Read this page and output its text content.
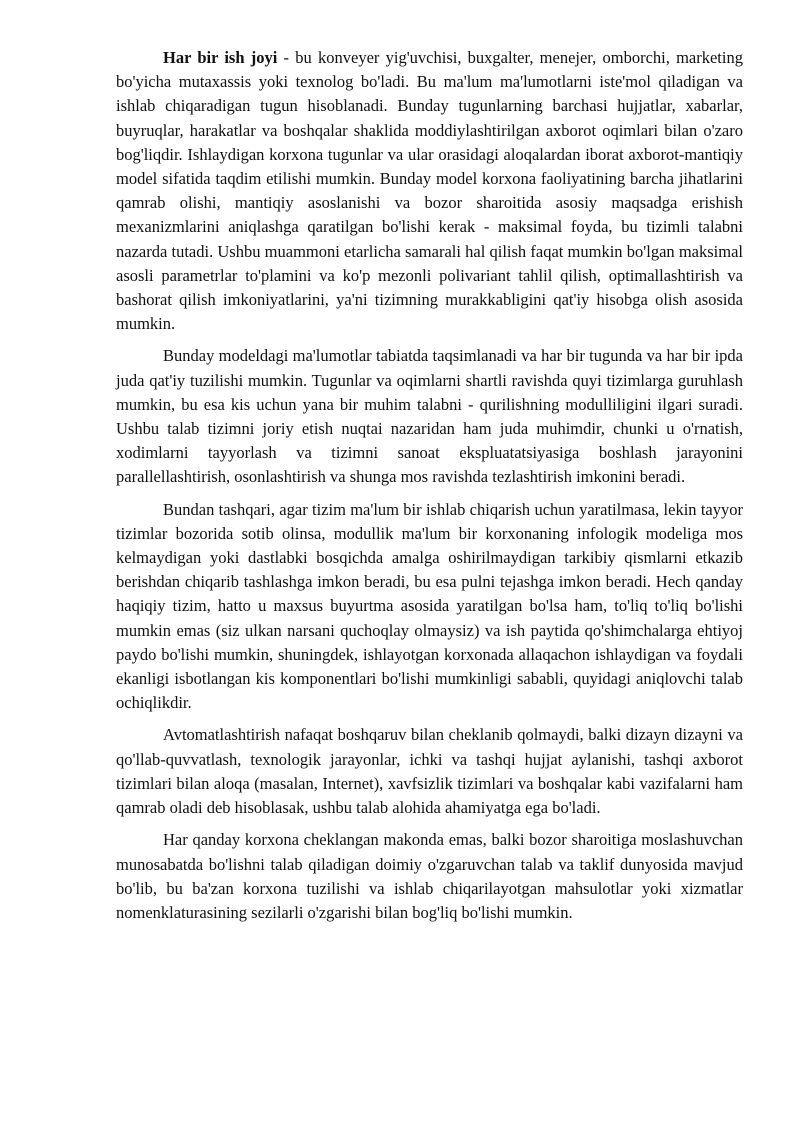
Har bir ish joyi - bu konveyer yig'uvchisi, buxgalter, menejer, omborchi, marketing bo'yicha mutaxassis yoki texnolog bo'ladi. Bu ma'lum ma'lumotlarni iste'mol qiladigan va ishlab chiqaradigan tugun hisoblanadi. Bunday tugunlarning barchasi hujjatlar, xabarlar, buyruqlar, harakatlar va boshqalar shaklida moddiylashtirilgan axborot oqimlari bilan o'zaro bog'liqdir. Ishlaydigan korxona tugunlar va ular orasidagi aloqalardan iborat axborot-mantiqiy model sifatida taqdim etilishi mumkin. Bunday model korxona faoliyatining barcha jihatlarini qamrab olishi, mantiqiy asoslanishi va bozor sharoitida asosiy maqsadga erishish mexanizmlarini aniqlashga qaratilgan bo'lishi kerak - maksimal foyda, bu tizimli talabni nazarda tutadi. Ushbu muammoni etarlicha samarali hal qilish faqat mumkin bo'lgan maksimal asosli parametrlar to'plamini va ko'p mezonli polivariant tahlil qilish, optimallashtirish va bashorat qilish imkoniyatlarini, ya'ni tizimning murakkabligini qat'iy hisobga olish asosida mumkin.

Bunday modeldagi ma'lumotlar tabiatda taqsimlanadi va har bir tugunda va har bir ipda juda qat'iy tuzilishi mumkin. Tugunlar va oqimlarni shartli ravishda quyi tizimlarga guruhlash mumkin, bu esa kis uchun yana bir muhim talabni - qurilishning modulliligini ilgari suradi. Ushbu talab tizimni joriy etish nuqtai nazaridan ham juda muhimdir, chunki u o'rnatish, xodimlarni tayyorlash va tizimni sanoat ekspluatatsiyasiga boshlash jarayonini parallellashtirish, osonlashtirish va shunga mos ravishda tezlashtirish imkonini beradi.

Bundan tashqari, agar tizim ma'lum bir ishlab chiqarish uchun yaratilmasa, lekin tayyor tizimlar bozorida sotib olinsa, modullik ma'lum bir korxonaning infologik modeliga mos kelmaydigan yoki dastlabki bosqichda amalga oshirilmaydigan tarkibiy qismlarni etkazib berishdan chiqarib tashlashga imkon beradi, bu esa pulni tejashga imkon beradi. Hech qanday haqiqiy tizim, hatto u maxsus buyurtma asosida yaratilgan bo'lsa ham, to'liq to'liq bo'lishi mumkin emas (siz ulkan narsani quchoqlay olmaysiz) va ish paytida qo'shimchalarga ehtiyoj paydo bo'lishi mumkin, shuningdek, ishlayotgan korxonada allaqachon ishlaydigan va foydali ekanligi isbotlangan kis komponentlari bo'lishi mumkinligi sababli, quyidagi aniqlovchi talab ochiqlikdir.

Avtomatlashtirish nafaqat boshqaruv bilan cheklanib qolmaydi, balki dizayn dizayni va qo'llab-quvvatlash, texnologik jarayonlar, ichki va tashqi hujjat aylanishi, tashqi axborot tizimlari bilan aloqa (masalan, Internet), xavfsizlik tizimlari va boshqalar kabi vazifalarni ham qamrab oladi deb hisoblasak, ushbu talab alohida ahamiyatga ega bo'ladi.

Har qanday korxona cheklangan makonda emas, balki bozor sharoitiga moslashuvchan munosabatda bo'lishni talab qiladigan doimiy o'zgaruvchan talab va taklif dunyosida mavjud bo'lib, bu ba'zan korxona tuzilishi va ishlab chiqarilayotgan mahsulotlar yoki xizmatlar nomenklaturasining sezilarli o'zgarishi bilan bog'liq bo'lishi mumkin.
